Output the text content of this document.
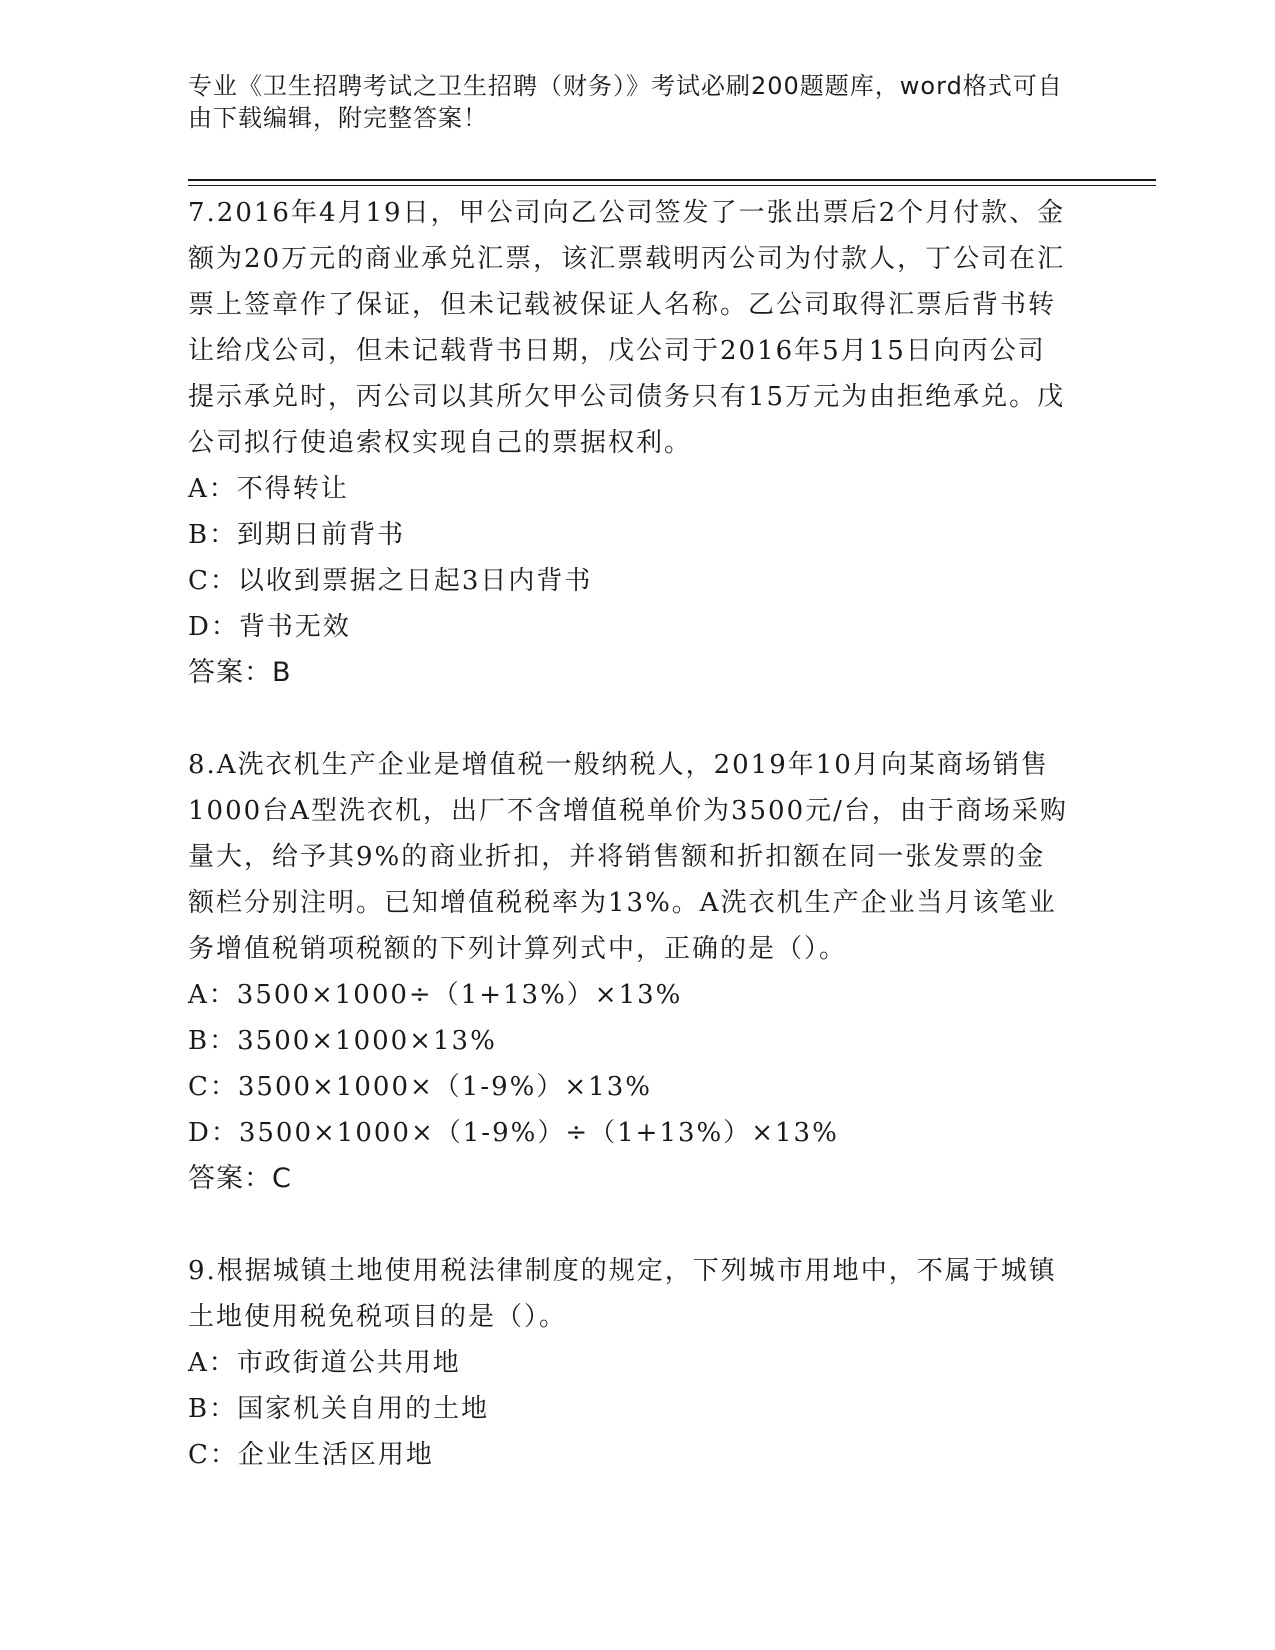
专业《卫生招聘考试之卫生招聘（财务）》考试必刷200题题库，word格式可自由下载编辑，附完整答案！

7.2016年4月19日，甲公司向乙公司签发了一张出票后2个月付款、金额为20万元的商业承兑汇票，该汇票载明丙公司为付款人，丁公司在汇票上签章作了保证，但未记载被保证人名称。乙公司取得汇票后背书转让给戊公司，但未记载背书日期，戊公司于2016年5月15日向丙公司提示承兑时，丙公司以其所欠甲公司债务只有15万元为由拒绝承兑。戊公司拟行使追索权实现自己的票据权利。

A：不得转让

B：到期日前背书

C：以收到票据之日起3日内背书

D：背书无效

答案：B

8.A洗衣机生产企业是增值税一般纳税人，2019年10月向某商场销售1000台A型洗衣机，出厂不含增值税单价为3500元/台，由于商场采购量大，给予其9%的商业折扣，并将销售额和折扣额在同一张发票的金额栏分别注明。已知增值税税率为13%。A洗衣机生产企业当月该笔业务增值税销项税额的下列计算列式中，正确的是（）。

A：3500×1000÷（1+13%）×13%

B：3500×1000×13%

C：3500×1000×（1-9%）×13%

D：3500×1000×（1-9%）÷（1+13%）×13%

答案：C

9.根据城镇土地使用税法律制度的规定，下列城市用地中，不属于城镇土地使用税免税项目的是（）。

A：市政街道公共用地

B：国家机关自用的土地

C：企业生活区用地
